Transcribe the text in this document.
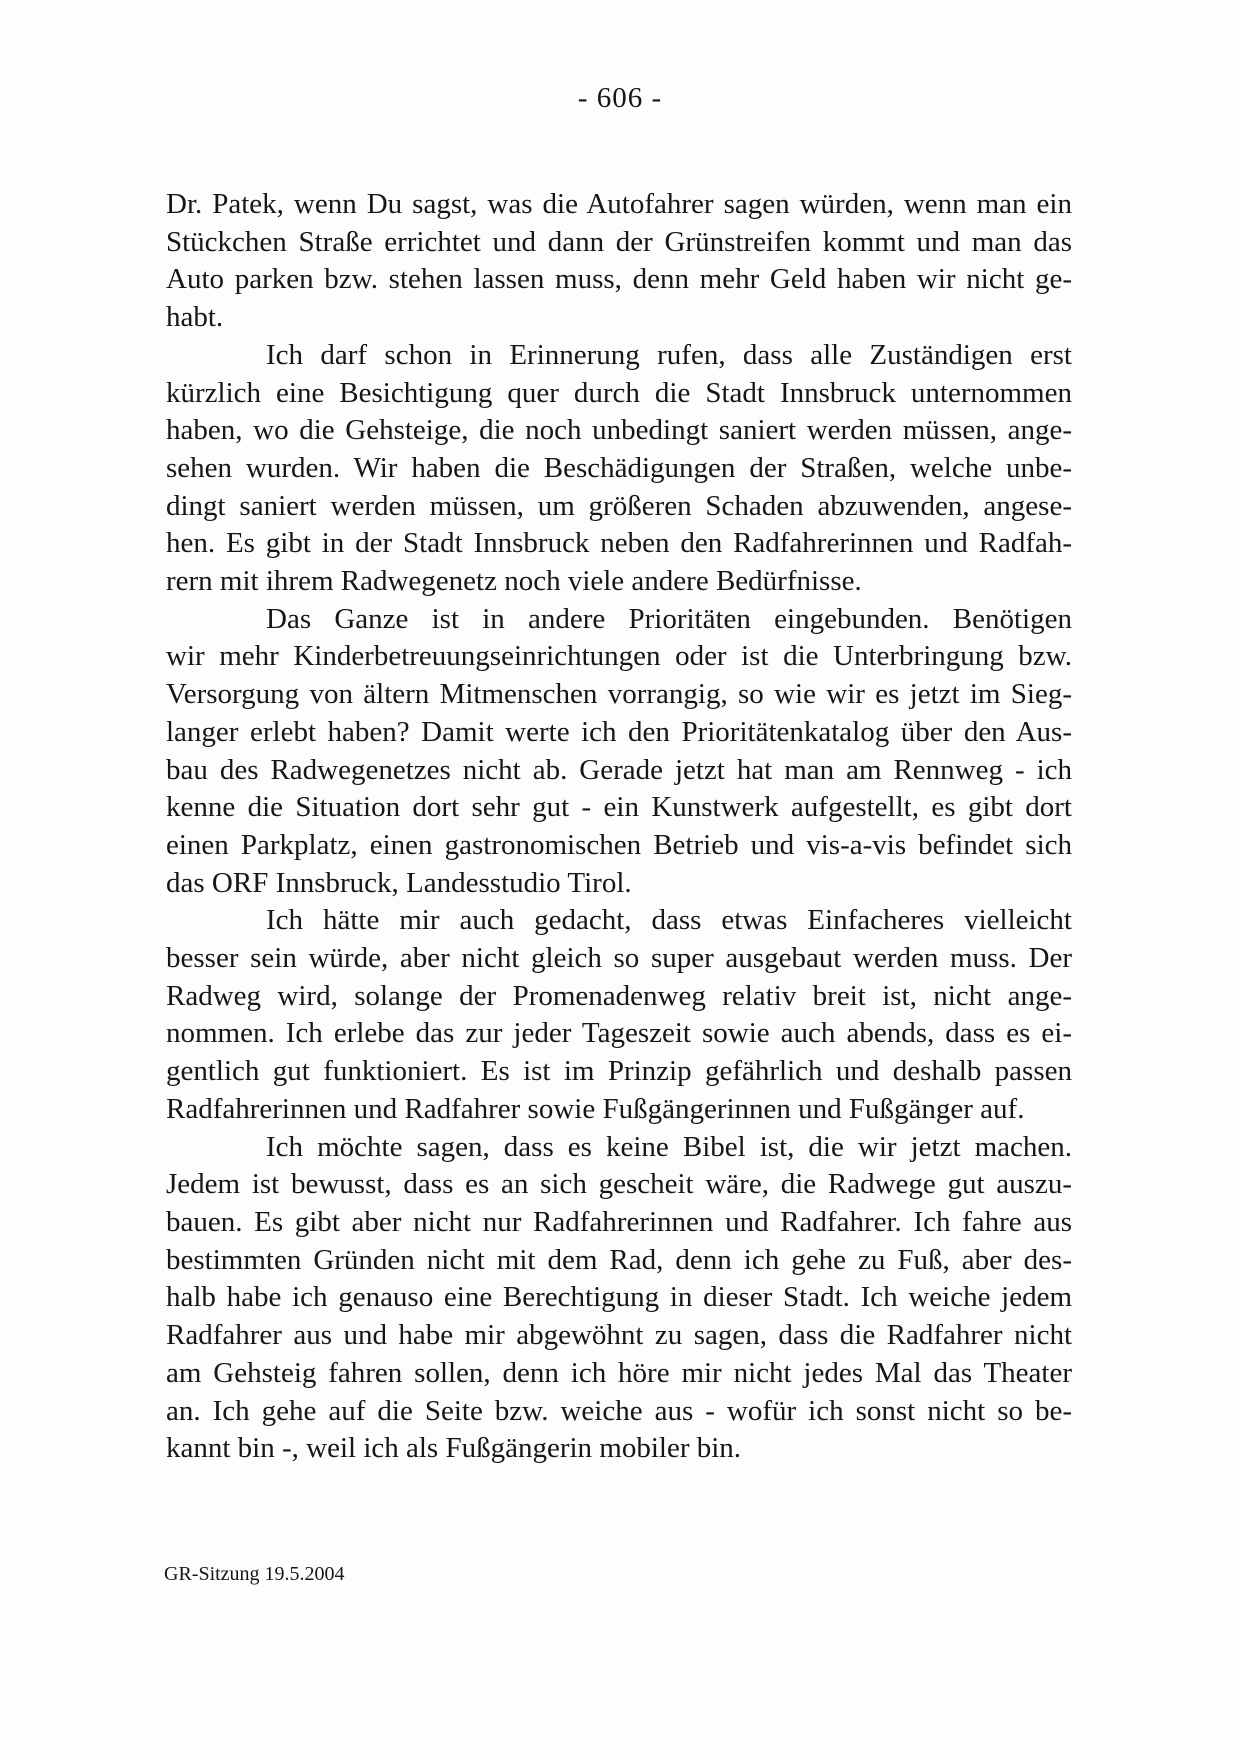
- 606 -
Dr. Patek, wenn Du sagst, was die Autofahrer sagen würden, wenn man ein
Stückchen Straße errichtet und dann der Grünstreifen kommt und man das
Auto parken bzw. stehen lassen muss, denn mehr Geld haben wir nicht ge-
habt.
Ich darf schon in Erinnerung rufen, dass alle Zuständigen erst
kürzlich eine Besichtigung quer durch die Stadt Innsbruck unternommen
haben, wo die Gehsteige, die noch unbedingt saniert werden müssen, ange-
sehen wurden. Wir haben die Beschädigungen der Straßen, welche unbe-
dingt saniert werden müssen, um größeren Schaden abzuwenden, angese-
hen. Es gibt in der Stadt Innsbruck neben den Radfahrerinnen und Radfah-
rern mit ihrem Radwegenetz noch viele andere Bedürfnisse.
Das Ganze ist in andere Prioritäten eingebunden. Benötigen
wir mehr Kinderbetreuungseinrichtungen oder ist die Unterbringung bzw.
Versorgung von ältern Mitmenschen vorrangig, so wie wir es jetzt im Sieg-
langer erlebt haben? Damit werte ich den Prioritätenkatalog über den Aus-
bau des Radwegenetzes nicht ab. Gerade jetzt hat man am Rennweg - ich
kenne die Situation dort sehr gut - ein Kunstwerk aufgestellt, es gibt dort
einen Parkplatz, einen gastronomischen Betrieb und vis-a-vis befindet sich
das ORF Innsbruck, Landesstudio Tirol.
Ich hätte mir auch gedacht, dass etwas Einfacheres vielleicht
besser sein würde, aber nicht gleich so super ausgebaut werden muss. Der
Radweg wird, solange der Promenadenweg relativ breit ist, nicht ange-
nommen. Ich erlebe das zur jeder Tageszeit sowie auch abends, dass es ei-
gentlich gut funktioniert. Es ist im Prinzip gefährlich und deshalb passen
Radfahrerinnen und Radfahrer sowie Fußgängerinnen und Fußgänger auf.
Ich möchte sagen, dass es keine Bibel ist, die wir jetzt machen.
Jedem ist bewusst, dass es an sich gescheit wäre, die Radwege gut auszu-
bauen. Es gibt aber nicht nur Radfahrerinnen und Radfahrer. Ich fahre aus
bestimmten Gründen nicht mit dem Rad, denn ich gehe zu Fuß, aber des-
halb habe ich genauso eine Berechtigung in dieser Stadt. Ich weiche jedem
Radfahrer aus und habe mir abgewöhnt zu sagen, dass die Radfahrer nicht
am Gehsteig fahren sollen, denn ich höre mir nicht jedes Mal das Theater
an. Ich gehe auf die Seite bzw. weiche aus - wofür ich sonst nicht so be-
kannt bin -, weil ich als Fußgängerin mobiler bin.
GR-Sitzung 19.5.2004
